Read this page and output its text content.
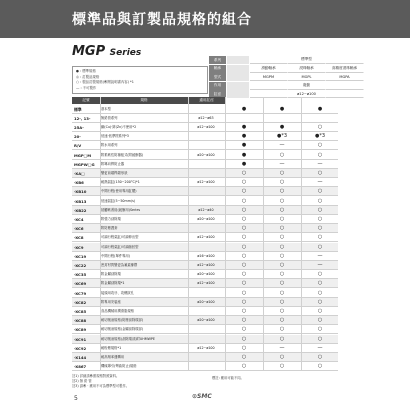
標準品與訂製品規格的組合
MGP Series
● : 標準規格
◎ : 訂製品規格
○ : 製品訂製規格(參閱說明書內容) *1
— : 不可製作
系列	標準型
軸承	滑動軸承	滾珠軸承	高精度滾珠軸承
型式	MGPM	MGPL	MGPA
作用	複動
缸徑	ø12~ø100
記號	規格	適用缸徑
標準	基本型	●	●	●
12-, 13-	無鉛管系列	ø12~ø63
25A-	銅(Cu)·鋅(Zn)不使用*2	ø12~ø100	●	●	○
20-	低速·低摩擦系列*3	●	●*3	●*3
R/V	附水用系列	●	—	○
MGP□M	附柔軟性防撞板式(附緩衝器)	ø20~ø100	●	○	○
MGPW□G 附導向桿防止器	●	—	—
-XA□	變更前端桿端形狀	○	○	○
-XB6	耐熱氣缸(150~200°C)*1	ø12~ø100	○	○	—
-XB10	中間行程(使用專用缸體)	○	○	○
-XB13	低速氣缸(5~50mm/s)	○	○	○
-XB22	抵觸軟著陸(緩衝用)Series	ø12~ø40	○	○	○
-XC4	附強力刮除環	ø20~ø100	○	○	○
-XC6	附防塵護套	○	○	○
-XC8	可調行程氣缸/可調伸出型	ø12~ø100	○	○	○
-XC9	可調行程氣缸/可調縮回型	○	○	○
-XC19	中間行程(單件專用)	ø16~ø100	○	○	—
-XC22	密封材質變更為氟素橡膠	ø12~ø100	○	○	—
-XC35	附金屬刮除環	ø20~ø100	○	○	○
-XC69	附金屬刮除環*1	ø12~ø100	○	○	○
-XC79	接頭用攻牙、攻螺紋孔	○	○	○
-XC82	附專用安裝座	ø20~ø100	○	○	○
-XC85	食品機械用潤滑脂規格	○	○	○
-XC88	耐切削油規格(防塵刮除環部)	ø20~ø100	○	○	○
-XC89	耐切削油規格(金屬刮除環部)	○	○	○
-XC91	耐切削油規格(刮除環部)附UHMWPE	○	○	○
-XC92	耐粉塵規格*1	ø12~ø100	○	—	—
-X144	耐高頻率運轉用	○	○	○
-X867	機械導引(彎曲防止)規格	○	○	○
註1) 詳細請參照規格對照資料。
註2) 無 鉛 管
註3) 請參 · 應用不可為標準型可製作。
標註: 應用可能不同。
5	⊙SMC
